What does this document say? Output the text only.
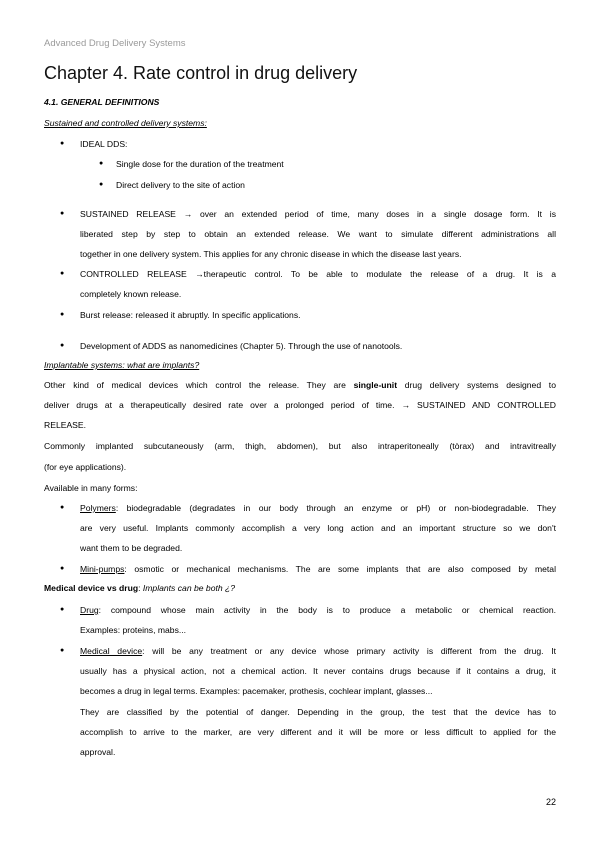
Advanced Drug Delivery Systems
Chapter 4. Rate control in drug delivery
4.1. GENERAL DEFINITIONS
Sustained and controlled delivery systems:
● IDEAL DDS:
● Single dose for the duration of the treatment
● Direct delivery to the site of action
● SUSTAINED RELEASE → over an extended period of time, many doses in a single dosage form. It is
liberated step by step to obtain an extended release. We want to simulate different administrations all
together in one delivery system. This applies for any chronic disease in which the disease last years.
● CONTROLLED RELEASE →therapeutic control. To be able to modulate the release of a drug. It is a
completely known release.
● Burst release: released it abruptly. In specific applications.
● Development of ADDS as nanomedicines (Chapter 5). Through the use of nanotools.
Implantable systems: what are implants?
Other kind of medical devices which control the release. They are single-unit drug delivery systems designed to
deliver drugs at a therapeutically desired rate over a prolonged period of time. → SUSTAINED AND CONTROLLED
RELEASE.
Commonly implanted subcutaneously (arm, thigh, abdomen), but also intraperitoneally (tòrax) and intravitreally
(for eye applications).
Available in many forms:
● Polymers: biodegradable (degradates in our body through an enzyme or pH) or non-biodegradable. They
are very useful. Implants commonly accomplish a very long action and an important structure so we don't
want them to be degraded.
● Mini-pumps: osmotic or mechanical mechanisms. The are some implants that are also composed by metal
Medical device vs drug: Implants can be both ¿?
● Drug: compound whose main activity in the body is to produce a metabolic or chemical reaction.
Examples: proteins, mabs...
● Medical device: will be any treatment or any device whose primary activity is different from the drug. It
usually has a physical action, not a chemical action. It never contains drugs because if it contains a drug, it
becomes a drug in legal terms. Examples: pacemaker, prothesis, cochlear implant, glasses...
They are classified by the potential of danger. Depending in the group, the test that the device has to
accomplish to arrive to the marker, are very different and it will be more or less difficult to applied for the
approval.
22
